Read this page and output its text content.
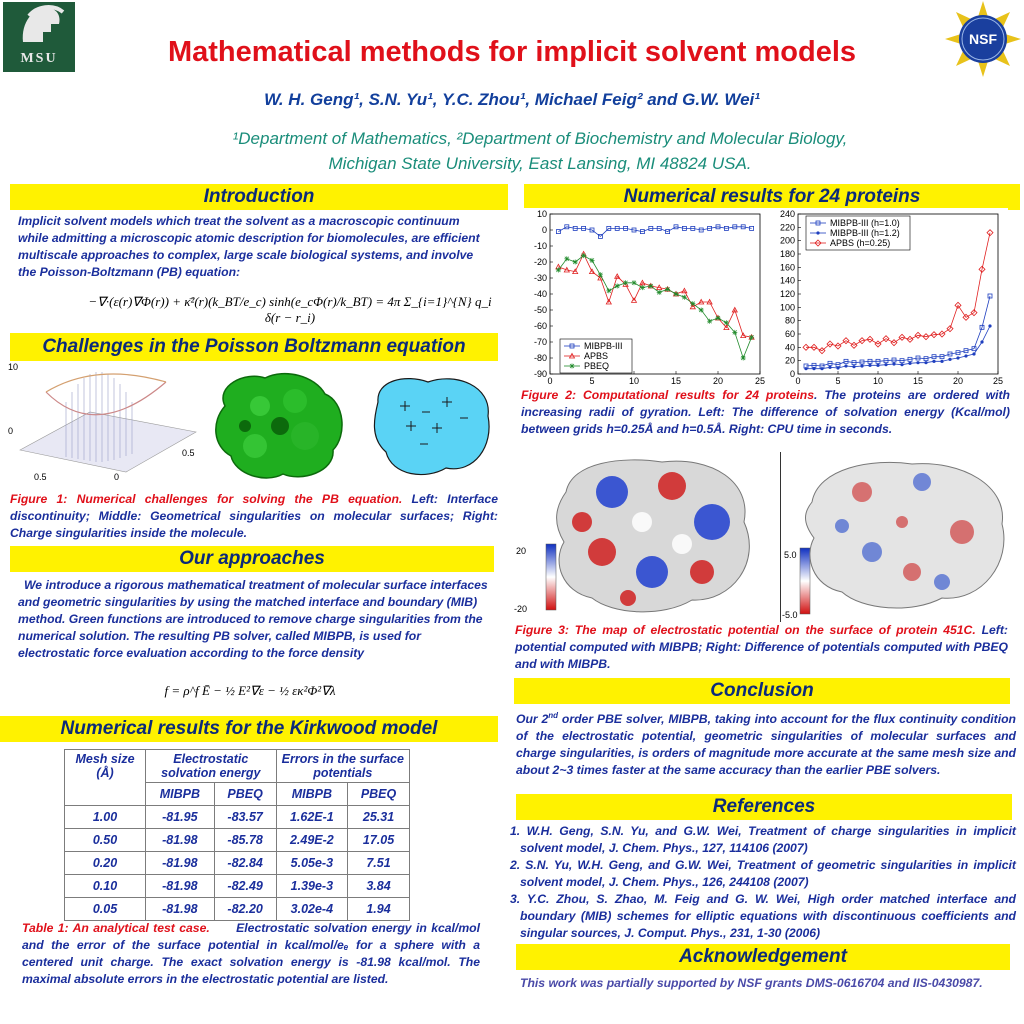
MSU
NSF
Mathematical methods for implicit solvent models
W. H. Geng¹, S.N. Yu¹, Y.C. Zhou¹, Michael Feig² and G.W. Wei¹
¹Department of Mathematics, ²Department of Biochemistry and Molecular Biology,
Michigan State University, East Lansing, MI 48824 USA.
Introduction
Implicit solvent models which treat the solvent as a macroscopic continuum while admitting a microscopic atomic description for biomolecules, are efficient multiscale approaches to complex, large scale biological systems, and involve the Poisson-Boltzmann (PB) equation:
−∇·(ε(r)∇Φ(r)) + κ̄²(r)(k_BT/e_c) sinh(e_cΦ(r)/k_BT) = 4π Σ_{i=1}^{N} q_i δ(r − r_i)
Challenges in the Poisson Boltzmann equation
10
0
0.5	0
0.5
Figure 1: Numerical challenges for solving the PB equation. Left: Interface discontinuity; Middle: Geometrical singularities on molecular surfaces; Right: Charge singularities inside the molecule.
Our approaches
We introduce a rigorous mathematical treatment of molecular surface interfaces and geometric singularities by using the matched interface and boundary (MIB) method. Green functions are introduced to remove charge singularities from the numerical solution. The resulting PB solver, called MIBPB, is used for electrostatic force evaluation according to the force density
f = ρ^f Ē − ½ E²∇ε − ½ εκ²Φ²∇λ
Numerical results for the Kirkwood model
Mesh size (Å)	Electrostatic solvation energy		Errors in the surface potentials	
	MIBPB	PBEQ	MIBPB	PBEQ
1.00	-81.95	-83.57	1.62E-1	25.31
0.50	-81.98	-85.78	2.49E-2	17.05
0.20	-81.98	-82.84	5.05e-3	7.51
0.10	-81.98	-82.49	1.39e-3	3.84
0.05	-81.98	-82.20	3.02e-4	1.94
Table 1: An analytical test case. Electrostatic solvation energy in kcal/mol and the error of the surface potential in kcal/mol/eₑ for a sphere with a centered unit charge. The exact solvation energy is -81.98 kcal/mol. The maximal absolute errors in the electrostatic potential are listed.
Numerical results for 24 proteins
0	5	10	15	20	25
10
0
-10
-20
-30
-40
-50
-60
-70
-80
-90
MIBPB-III
APBS
PBEQ
0	5	10	15	20	25
0
20
40
60
80
100
120
140
160
180
200
220
240
MIBPB-III (h=1.0)
MIBPB-III (h=1.2)
APBS (h=0.25)
Figure 2: Computational results for 24 proteins. The proteins are ordered with increasing radii of gyration. Left: The difference of solvation energy (Kcal/mol) between grids h=0.25Å and h=0.5Å. Right: CPU time in seconds.
20
-20
5.0
-5.0
Figure 3: The map of electrostatic potential on the surface of protein 451C. Left: potential computed with MIBPB; Right: Difference of potentials computed with PBEQ and with MIBPB.
Conclusion
Our 2nd order PBE solver, MIBPB, taking into account for the flux continuity condition of the electrostatic potential, geometric singularities of molecular surfaces and charge singularities, is orders of magnitude more accurate at the same mesh size and about 2~3 times faster at the same accuracy than the earlier PBE solvers.
References
1. W.H. Geng, S.N. Yu, and G.W. Wei, Treatment of charge singularities in implicit solvent model, J. Chem. Phys., 127, 114106 (2007)
2. S.N. Yu, W.H. Geng, and G.W. Wei, Treatment of geometric singularities in implicit solvent model, J. Chem. Phys., 126, 244108 (2007)
3. Y.C. Zhou, S. Zhao, M. Feig and G. W. Wei, High order matched interface and boundary (MIB) schemes for elliptic equations with discontinuous coefficients and singular sources, J. Comput. Phys., 231, 1-30 (2006)
Acknowledgement
This work was partially supported by NSF grants DMS-0616704 and IIS-0430987.
